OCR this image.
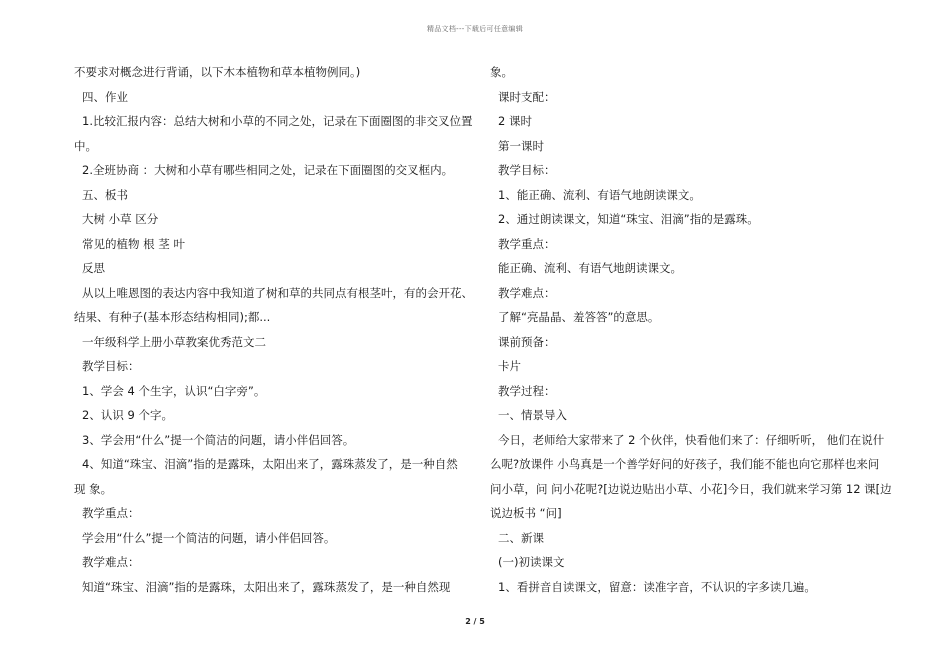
精品文档---下载后可任意编辑
不要求对概念进行背诵，以下木本植物和草本植物例同。)
四、作业
1.比较汇报内容：总结大树和小草的不同之处，记录在下面圈图的非交叉位置
中。
2.全班协商 ：大树和小草有哪些相同之处，记录在下面圈图的交叉框内。
五、板书
大树 小草 区分
常见的植物 根 茎 叶
反思
从以上唯恩图的表达内容中我知道了树和草的共同点有根茎叶，有的会开花、
结果、有种子(基本形态结构相同);都...
一年级科学上册小草教案优秀范文二
教学目标：
1、学会 4 个生字，认识“白字旁”。
2、认识 9 个字。
3、学会用“什么”提一个简洁的问题，请小伴侣回答。
4、知道“珠宝、泪滴”指的是露珠，太阳出来了，露珠蒸发了，是一种自然
现 象。
教学重点：
学会用“什么”提一个简洁的问题，请小伴侣回答。
教学难点：
知道“珠宝、泪滴”指的是露珠，太阳出来了，露珠蒸发了，是一种自然现
象。
课时支配：
2 课时
第一课时
教学目标：
1、能正确、流利、有语气地朗读课文。
2、通过朗读课文，知道“珠宝、泪滴”指的是露珠。
教学重点：
能正确、流利、有语气地朗读课文。
教学难点：
了解“亮晶晶、羞答答”的意思。
课前预备：
卡片
教学过程：
一、情景导入
今日，老师给大家带来了 2 个伙伴，快看他们来了：仔细听听， 他们在说什
么呢?放课件 小鸟真是一个善学好问的好孩子，我们能不能也向它那样也来问
问小草，问 问小花呢?[边说边贴出小草、小花]今日，我们就来学习第 12 课[边
说边板书 “问]
二、新课
(一)初读课文
1、看拼音自读课文，留意：读准字音，不认识的字多读几遍。
2 / 5
